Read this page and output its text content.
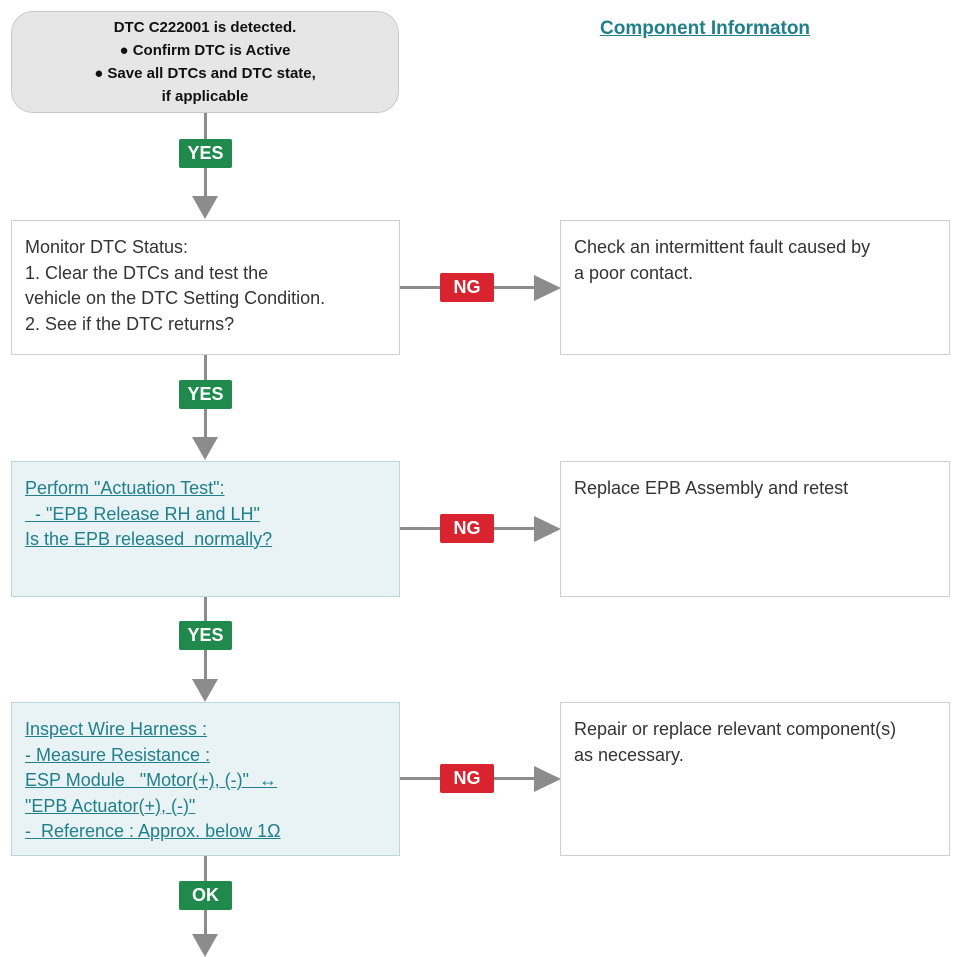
DTC C222001 is detected.
● Confirm DTC is Active
● Save all DTCs and DTC state,
if applicable
Component Informaton
YES
Monitor DTC Status:
1. Clear the DTCs and test the
vehicle on the DTC Setting Condition.
2. See if the DTC returns?
NG
Check an intermittent fault caused by
a poor contact.
YES
Perform "Actuation Test":
- "EPB Release RH and LH"
Is the EPB released  normally?
NG
Replace EPB Assembly and retest
YES
Inspect Wire Harness :
- Measure Resistance :
ESP Module   "Motor(+), (-)"  ↔
"EPB Actuator(+), (-)"
-  Reference : Approx. below 1Ω
NG
Repair or replace relevant component(s)
as necessary.
OK
